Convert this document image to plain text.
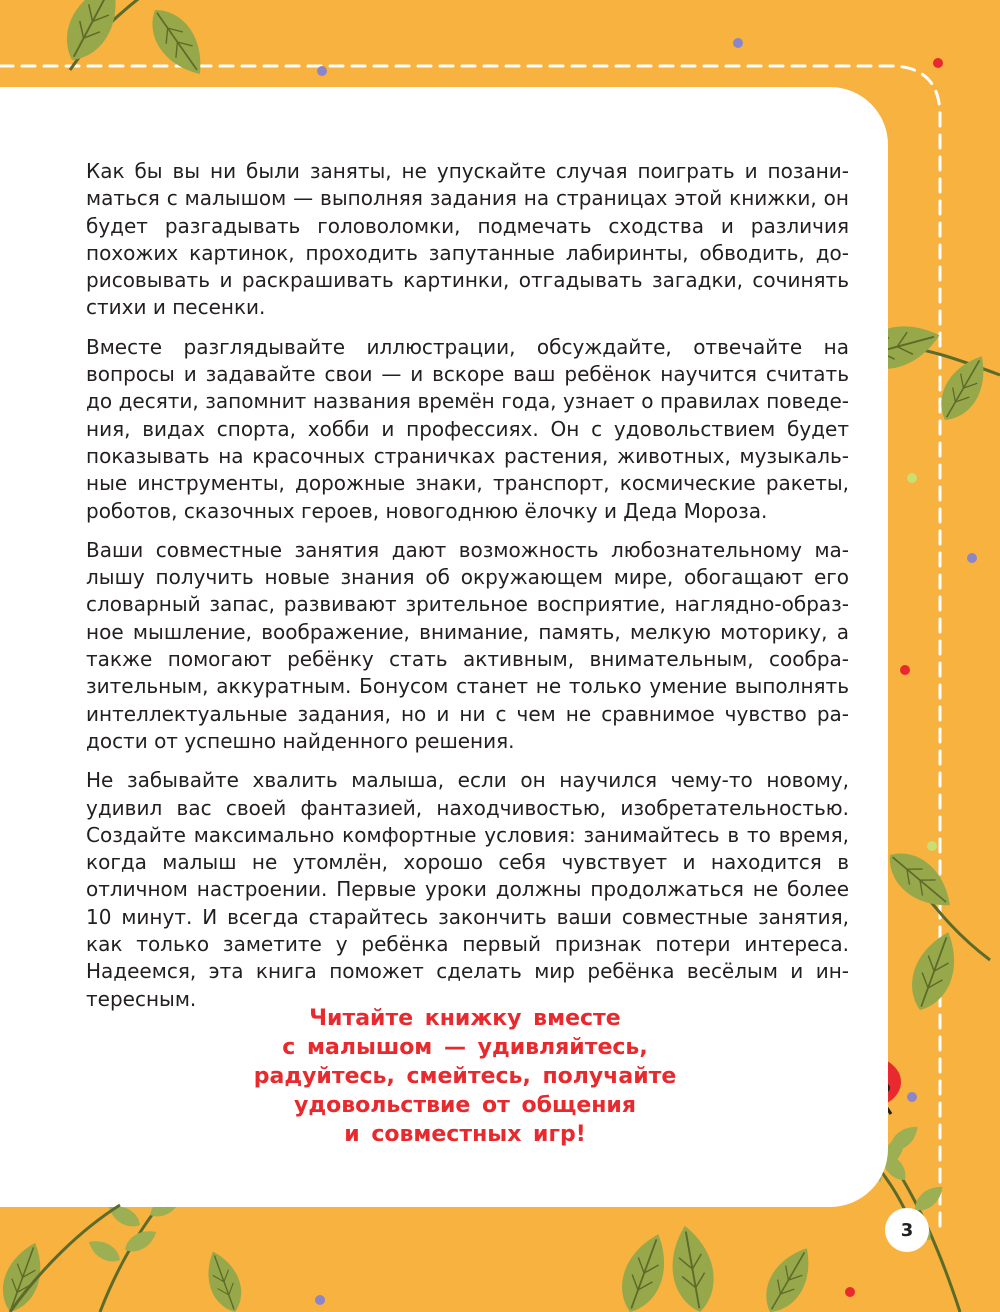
Как бы вы ни были заняты, не упускайте случая поиграть и позаниматься с малышом — выполняя задания на страницах этой книжки, он будет разгадывать головоломки, подмечать сходства и различия похожих картинок, проходить запутанные лабиринты, обводить, дорисовывать и раскрашивать картинки, отгадывать загадки, сочинять стихи и песенки.

Вместе разглядывайте иллюстрации, обсуждайте, отвечайте на вопросы и задавайте свои — и вскоре ваш ребёнок научится считать до десяти, запомнит названия времён года, узнает о правилах поведения, видах спорта, хобби и профессиях. Он с удовольствием будет показывать на красочных страничках растения, животных, музыкальные инструменты, дорожные знаки, транспорт, космические ракеты, роботов, сказочных героев, новогоднюю ёлочку и Деда Мороза.

Ваши совместные занятия дают возможность любознательному малышу получить новые знания об окружающем мире, обогащают его словарный запас, развивают зрительное восприятие, наглядно-образное мышление, воображение, внимание, память, мелкую моторику, а также помогают ребёнку стать активным, внимательным, сообразительным, аккуратным. Бонусом станет не только умение выполнять интеллектуальные задания, но и ни с чем не сравнимое чувство радости от успешно найденного решения.

Не забывайте хвалить малыша, если он научился чему-то новому, удивил вас своей фантазией, находчивостью, изобретательностью. Создайте максимально комфортные условия: занимайтесь в то время, когда малыш не утомлён, хорошо себя чувствует и находится в отличном настроении. Первые уроки должны продолжаться не более 10 минут. И всегда старайтесь закончить ваши совместные занятия, как только заметите у ребёнка первый признак потери интереса. Надеемся, эта книга поможет сделать мир ребёнка весёлым и интересным.

Читайте книжку вместе
с малышом — удивляйтесь,
радуйтесь, смейтесь, получайте
удовольствие от общения
и совместных игр!
3
